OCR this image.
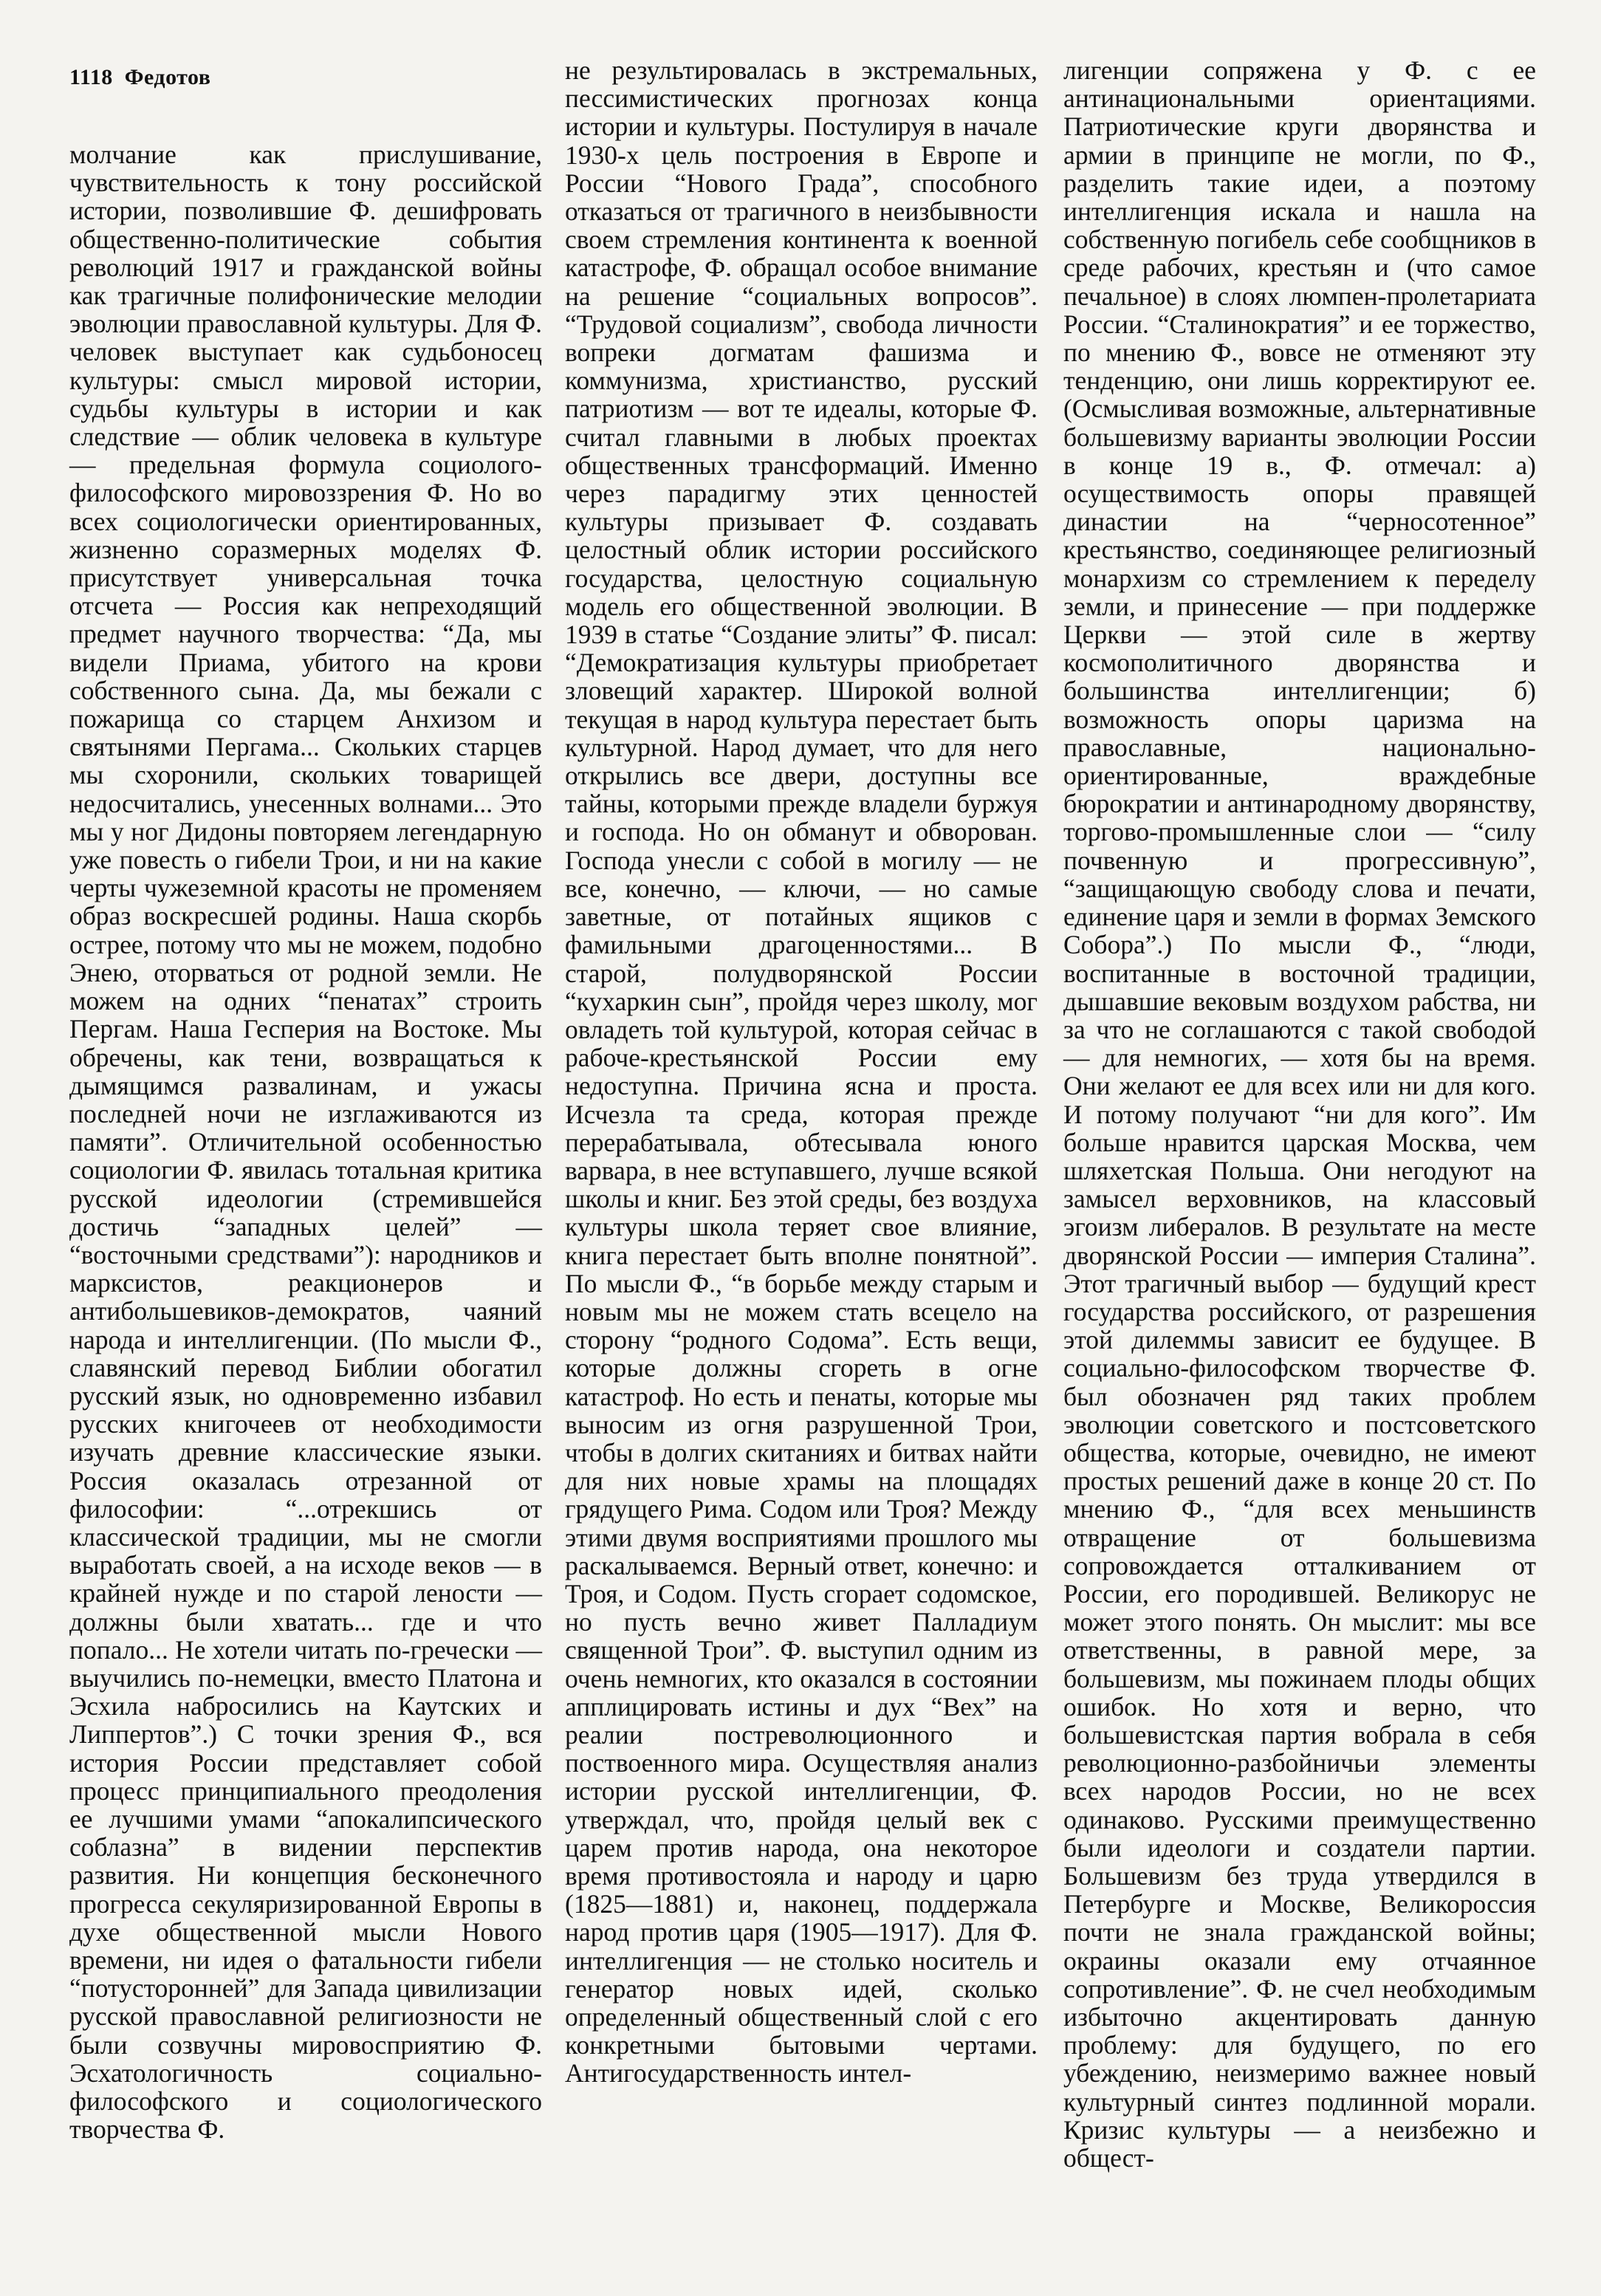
1118 Федотов

молчание как прислушивание, чувствительность к тону российской истории, позволившие Ф. дешифровать общественно-политические события революций 1917 и гражданской войны как трагичные полифонические мелодии эволюции православной культуры. Для Ф. человек выступает как судьбоносец культуры: смысл мировой истории, судьбы культуры в истории и как следствие — облик человека в культуре — предельная формула социолого-философского мировоззрения Ф. Но во всех социологически ориентированных, жизненно соразмерных моделях Ф. присутствует универсальная точка отсчета — Россия как непреходящий предмет научного творчества: “Да, мы видели Приама, убитого на крови собственного сына. Да, мы бежали с пожарища со старцем Анхизом и святынями Пергама... Скольких старцев мы схоронили, скольких товарищей недосчитались, унесенных волнами... Это мы у ног Дидоны повторяем легендарную уже повесть о гибели Трои, и ни на какие черты чужеземной красоты не променяем образ воскресшей родины. Наша скорбь острее, потому что мы не можем, подобно Энею, оторваться от родной земли. Не можем на одних “пенатах” строить Пергам. Наша Гесперия на Востоке. Мы обречены, как тени, возвращаться к дымящимся развалинам, и ужасы последней ночи не изглаживаются из памяти”. Отличительной особенностью социологии Ф. явилась тотальная критика русской идеологии (стремившейся достичь “западных целей” — “восточными средствами”): народников и марксистов, реакционеров и антибольшевиков-демократов, чаяний народа и интеллигенции. (По мысли Ф., славянский перевод Библии обогатил русский язык, но одновременно избавил русских книгочеев от необходимости изучать древние классические языки. Россия оказалась отрезанной от философии: “...отрекшись от классической традиции, мы не смогли выработать своей, а на исходе веков — в крайней нужде и по старой лености — должны были хватать... где и что попало... Не хотели читать по-гречески — выучились по-немецки, вместо Платона и Эсхила набросились на Каутских и Липпертов”.) С точки зрения Ф., вся история России представляет собой процесс принципиального преодоления ее лучшими умами “апокалипсического соблазна” в видении перспектив развития. Ни концепция бесконечного прогресса секуляризированной Европы в духе общественной мысли Нового времени, ни идея о фатальности гибели “потусторонней” для Запада цивилизации русской православной религиозности не были созвучны мировосприятию Ф. Эсхатологичность социально-философского и социологического творчества Ф.

не результировалась в экстремальных, пессимистических прогнозах конца истории и культуры. Постулируя в начале 1930-х цель построения в Европе и России “Нового Града”, способного отказаться от трагичного в неизбывности своем стремления континента к военной катастрофе, Ф. обращал особое внимание на решение “социальных вопросов”. “Трудовой социализм”, свобода личности вопреки догматам фашизма и коммунизма, христианство, русский патриотизм — вот те идеалы, которые Ф. считал главными в любых проектах общественных трансформаций. Именно через парадигму этих ценностей культуры призывает Ф. создавать целостный облик истории российского государства, целостную социальную модель его общественной эволюции. В 1939 в статье “Создание элиты” Ф. писал: “Демократизация культуры приобретает зловещий характер. Широкой волной текущая в народ культура перестает быть культурной. Народ думает, что для него открылись все двери, доступны все тайны, которыми прежде владели буржуя и господа. Но он обманут и обворован. Господа унесли с собой в могилу — не все, конечно, — ключи, — но самые заветные, от потайных ящиков с фамильными драгоценностями... В старой, полудворянской России “кухаркин сын”, пройдя через школу, мог овладеть той культурой, которая сейчас в рабоче-крестьянской России ему недоступна. Причина ясна и проста. Исчезла та среда, которая прежде перерабатывала, обтесывала юного варвара, в нее вступавшего, лучше всякой школы и книг. Без этой среды, без воздуха культуры школа теряет свое влияние, книга перестает быть вполне понятной”. По мысли Ф., “в борьбе между старым и новым мы не можем стать всецело на сторону “родного Содома”. Есть вещи, которые должны сгореть в огне катастроф. Но есть и пенаты, которые мы выносим из огня разрушенной Трои, чтобы в долгих скитаниях и битвах найти для них новые храмы на площадях грядущего Рима. Содом или Троя? Между этими двумя восприятиями прошлого мы раскалываемся. Верный ответ, конечно: и Троя, и Содом. Пусть сгорает содомское, но пусть вечно живет Палладиум священной Трои”. Ф. выступил одним из очень немногих, кто оказался в состоянии апплицировать истины и дух “Вех” на реалии постреволюционного и поствоенного мира. Осуществляя анализ истории русской интеллигенции, Ф. утверждал, что, пройдя целый век с царем против народа, она некоторое время противостояла и народу и царю (1825—1881) и, наконец, поддержала народ против царя (1905—1917). Для Ф. интеллигенция — не столько носитель и генератор новых идей, сколько определенный общественный слой с его конкретными бытовыми чертами. Антигосударственность интел-

лигенции сопряжена у Ф. с ее антинациональными ориентациями. Патриотические круги дворянства и армии в принципе не могли, по Ф., разделить такие идеи, а поэтому интеллигенция искала и нашла на собственную погибель себе сообщников в среде рабочих, крестьян и (что самое печальное) в слоях люмпен-пролетариата России. “Сталинократия” и ее торжество, по мнению Ф., вовсе не отменяют эту тенденцию, они лишь корректируют ее. (Осмысливая возможные, альтернативные большевизму варианты эволюции России в конце 19 в., Ф. отмечал: а) осуществимость опоры правящей династии на “черносотенное” крестьянство, соединяющее религиозный монархизм со стремлением к переделу земли, и принесение — при поддержке Церкви — этой силе в жертву космополитичного дворянства и большинства интеллигенции; б) возможность опоры царизма на православные, национально-ориентированные, враждебные бюрократии и антинародному дворянству, торгово-промышленные слои — “силу почвенную и прогрессивную”, “защищающую свободу слова и печати, единение царя и земли в формах Земского Собора”.) По мысли Ф., “люди, воспитанные в восточной традиции, дышавшие вековым воздухом рабства, ни за что не соглашаются с такой свободой — для немногих, — хотя бы на время. Они желают ее для всех или ни для кого. И потому получают “ни для кого”. Им больше нравится царская Москва, чем шляхетская Польша. Они негодуют на замысел верховников, на классовый эгоизм либералов. В результате на месте дворянской России — империя Сталина”. Этот трагичный выбор — будущий крест государства российского, от разрешения этой дилеммы зависит ее будущее. В социально-философском творчестве Ф. был обозначен ряд таких проблем эволюции советского и постсоветского общества, которые, очевидно, не имеют простых решений даже в конце 20 ст. По мнению Ф., “для всех меньшинств отвращение от большевизма сопровождается отталкиванием от России, его породившей. Великорус не может этого понять. Он мыслит: мы все ответственны, в равной мере, за большевизм, мы пожинаем плоды общих ошибок. Но хотя и верно, что большевистская партия вобрала в себя революционно-разбойничьи элементы всех народов России, но не всех одинаково. Русскими преимущественно были идеологи и создатели партии. Большевизм без труда утвердился в Петербурге и Москве, Великороссия почти не знала гражданской войны; окраины оказали ему отчаянное сопротивление”. Ф. не счел необходимым избыточно акцентировать данную проблему: для будущего, по его убеждению, неизмеримо важнее новый культурный синтез подлинной морали. Кризис культуры — а неизбежно и общест-
